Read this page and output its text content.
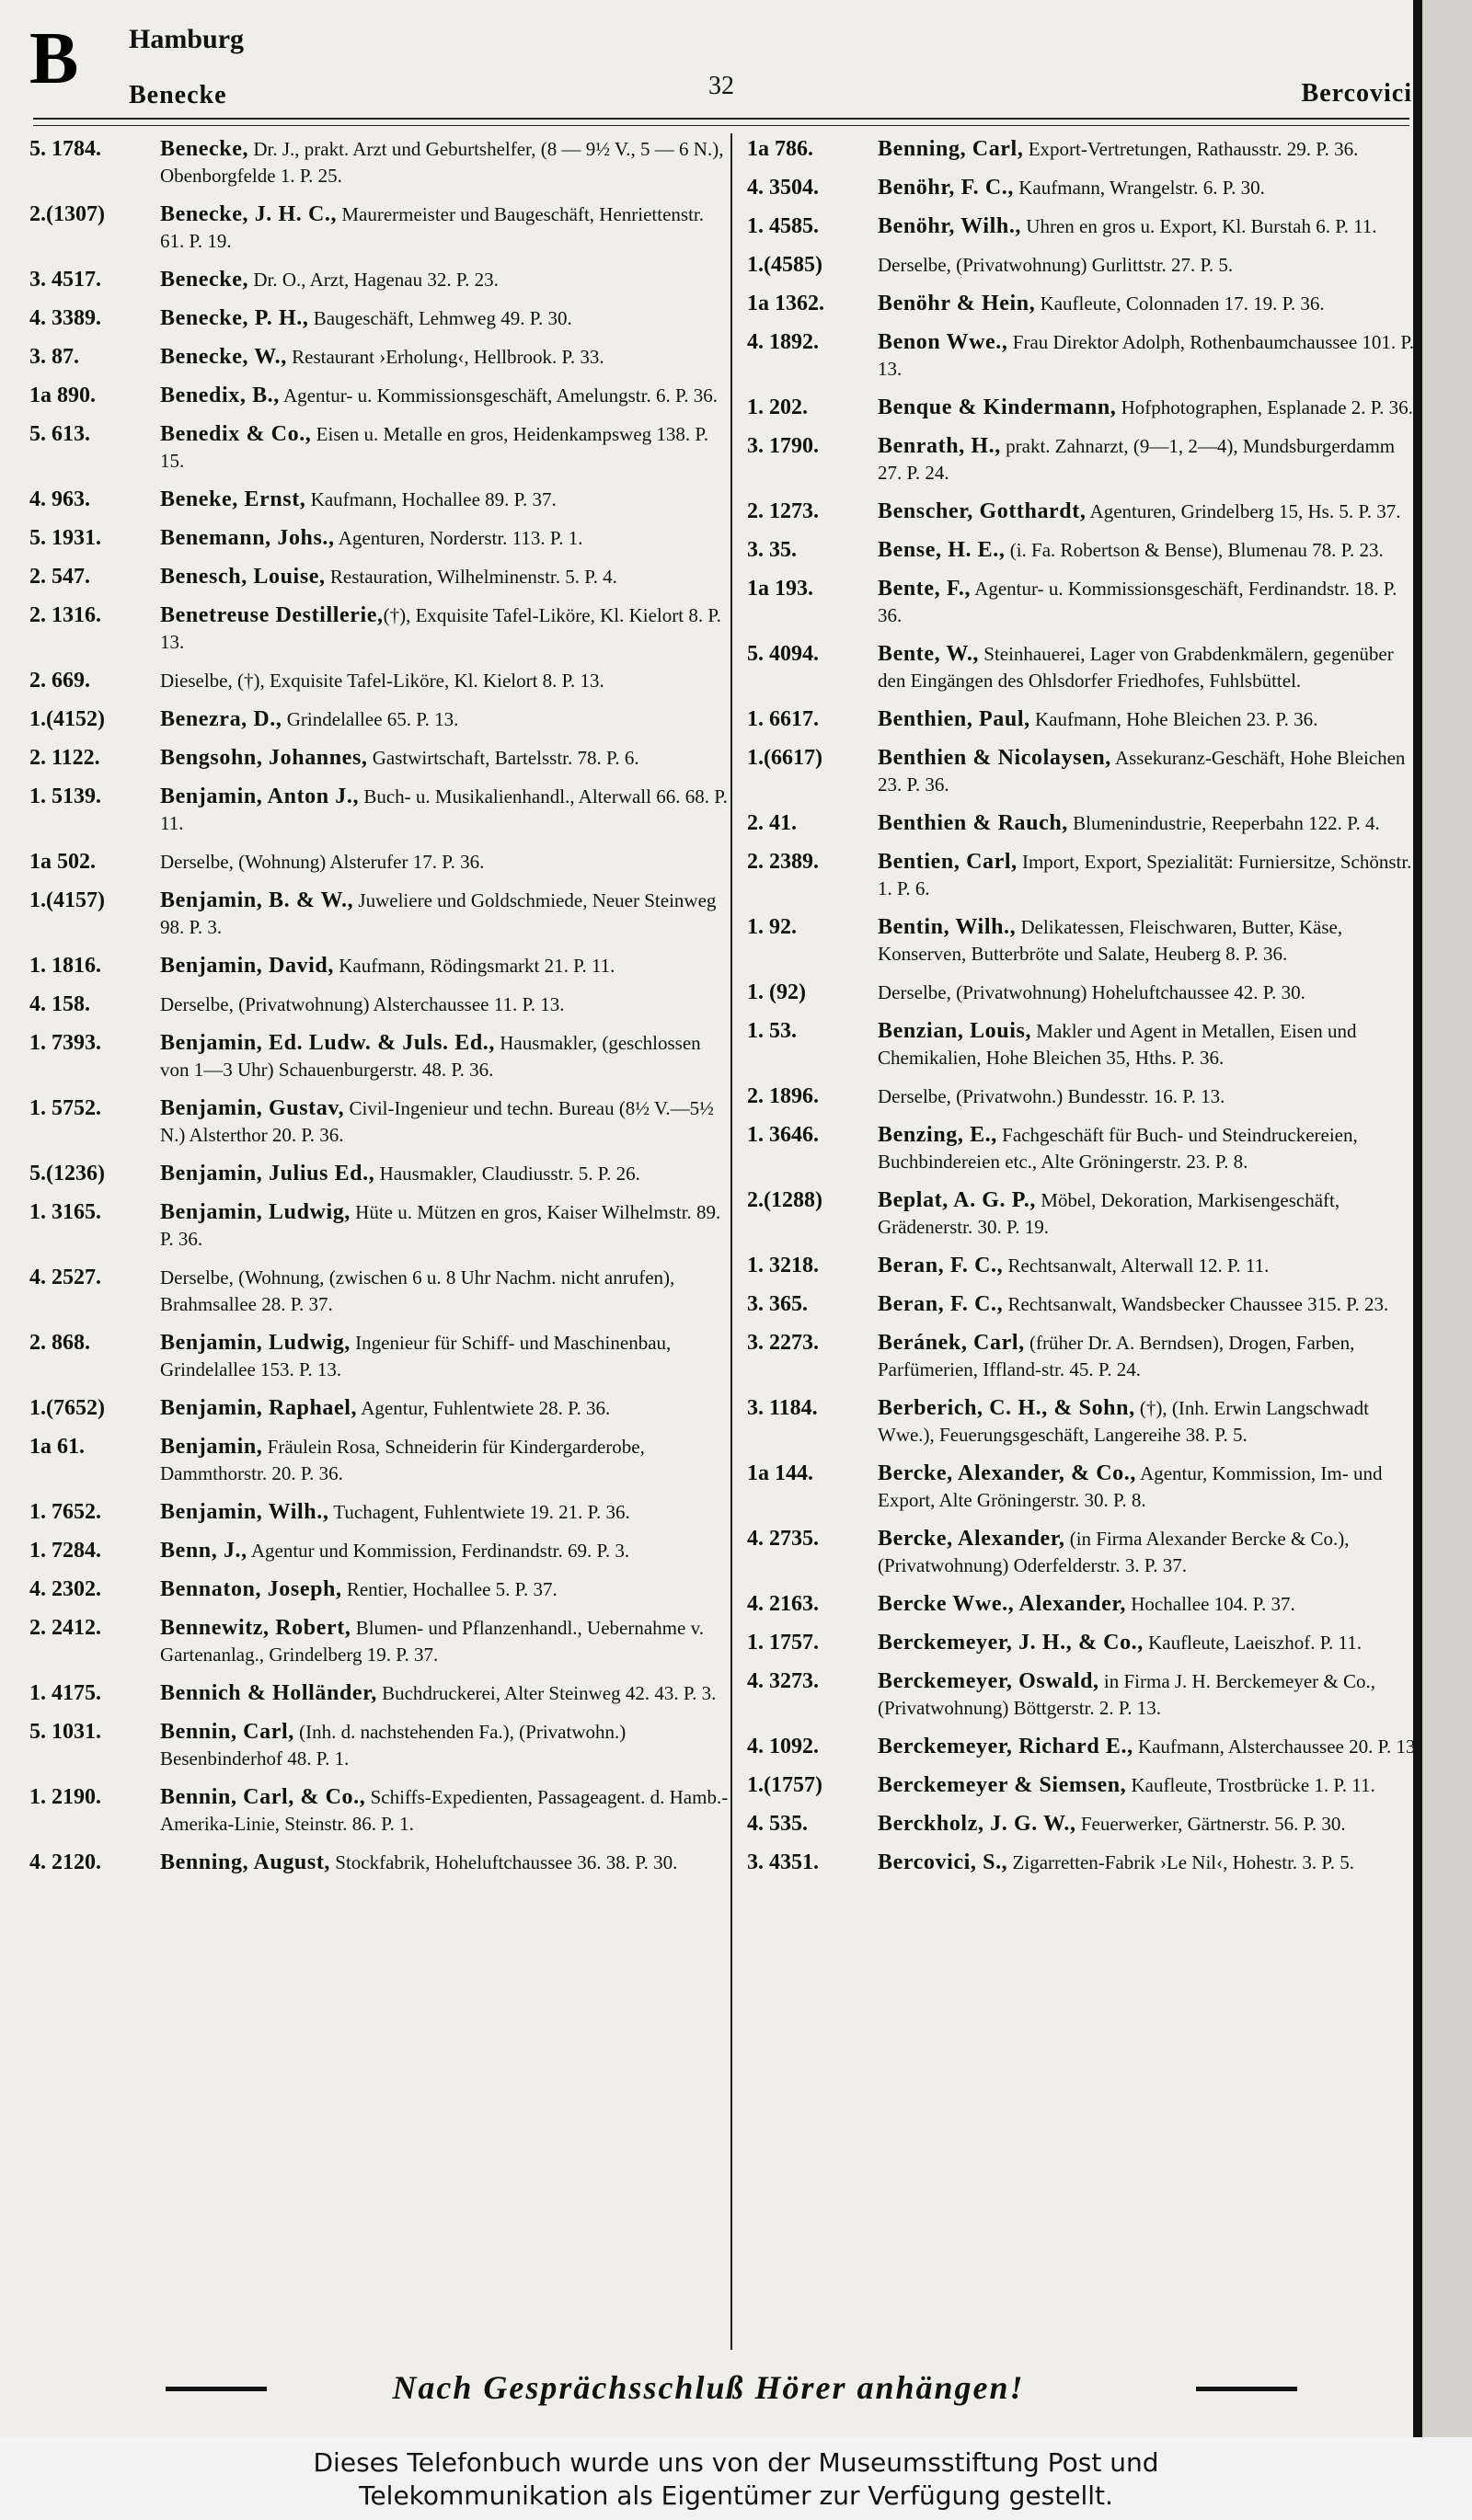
B Hamburg
Benecke	32	Bercovici
5. 1784.	Benecke, Dr. J., prakt. Arzt und Geburtshelfer, (8 — 9½ V., 5 — 6 N.), Obenborgfelde 1. P. 25.
2.(1307)	Benecke, J. H. C., Maurermeister und Baugeschäft, Henriettenstr. 61. P. 19.
3. 4517.	Benecke, Dr. O., Arzt, Hagenau 32. P. 23.
4. 3389.	Benecke, P. H., Baugeschäft, Lehmweg 49. P. 30.
3. 87.	Benecke, W., Restaurant ›Erholung‹, Hellbrook. P. 33.
1a 890.	Benedix, B., Agentur- u. Kommissionsgeschäft, Amelungstr. 6. P. 36.
5. 613.	Benedix & Co., Eisen u. Metalle en gros, Heidenkampsweg 138. P. 15.
4. 963.	Beneke, Ernst, Kaufmann, Hochallee 89. P. 37.
5. 1931.	Benemann, Johs., Agenturen, Norderstr. 113. P. 1.
2. 547.	Benesch, Louise, Restauration, Wilhelminenstr. 5. P. 4.
2. 1316.	Benetreuse Destillerie,(†), Exquisite Tafel-Liköre, Kl. Kielort 8. P. 13.
2. 669.	Dieselbe, (†), Exquisite Tafel-Liköre, Kl. Kielort 8. P. 13.
1.(4152)	Benezra, D., Grindelallee 65. P. 13.
2. 1122.	Bengsohn, Johannes, Gastwirtschaft, Bartelsstr. 78. P. 6.
1. 5139.	Benjamin, Anton J., Buch- u. Musikalienhandl., Alterwall 66. 68. P. 11.
1a 502.	Derselbe, (Wohnung) Alsterufer 17. P. 36.
1.(4157)	Benjamin, B. & W., Juweliere und Goldschmiede, Neuer Steinweg 98. P. 3.
1. 1816.	Benjamin, David, Kaufmann, Rödingsmarkt 21. P. 11.
4. 158.	Derselbe, (Privatwohnung) Alsterchaussee 11. P. 13.
1. 7393.	Benjamin, Ed. Ludw. & Juls. Ed., Hausmakler, (geschlossen von 1—3 Uhr) Schauenburgerstr. 48. P. 36.
1. 5752.	Benjamin, Gustav, Civil-Ingenieur und techn. Bureau (8½ V.—5½ N.) Alsterthor 20. P. 36.
5.(1236)	Benjamin, Julius Ed., Hausmakler, Claudiusstr. 5. P. 26.
1. 3165.	Benjamin, Ludwig, Hüte u. Mützen en gros, Kaiser Wilhelmstr. 89. P. 36.
4. 2527.	Derselbe, (Wohnung, (zwischen 6 u. 8 Uhr Nachm. nicht anrufen), Brahmsallee 28. P. 37.
2. 868.	Benjamin, Ludwig, Ingenieur für Schiff- und Maschinenbau, Grindelallee 153. P. 13.
1.(7652)	Benjamin, Raphael, Agentur, Fuhlentwiete 28. P. 36.
1a 61.	Benjamin, Fräulein Rosa, Schneiderin für Kindergarderobe, Dammthorstr. 20. P. 36.
1. 7652.	Benjamin, Wilh., Tuchagent, Fuhlentwiete 19. 21. P. 36.
1. 7284.	Benn, J., Agentur und Kommission, Ferdinandstr. 69. P. 3.
4. 2302.	Bennaton, Joseph, Rentier, Hochallee 5. P. 37.
2. 2412.	Bennewitz, Robert, Blumen- und Pflanzenhandl., Uebernahme v. Gartenanlag., Grindelberg 19. P. 37.
1. 4175.	Bennich & Holländer, Buchdruckerei, Alter Steinweg 42. 43. P. 3.
5. 1031.	Bennin, Carl, (Inh. d. nachstehenden Fa.), (Privatwohn.) Besenbinderhof 48. P. 1.
1. 2190.	Bennin, Carl, & Co., Schiffs-Expedienten, Passageagent. d. Hamb.-Amerika-Linie, Steinstr. 86. P. 1.
4. 2120.	Benning, August, Stockfabrik, Hoheluftchaussee 36. 38. P. 30.
1a 786.	Benning, Carl, Export-Vertretungen, Rathausstr. 29. P. 36.
4. 3504.	Benöhr, F. C., Kaufmann, Wrangelstr. 6. P. 30.
1. 4585.	Benöhr, Wilh., Uhren en gros u. Export, Kl. Burstah 6. P. 11.
1.(4585)	Derselbe, (Privatwohnung) Gurlittstr. 27. P. 5.
1a 1362.	Benöhr & Hein, Kaufleute, Colonnaden 17. 19. P. 36.
4. 1892.	Benon Wwe., Frau Direktor Adolph, Rothenbaumchaussee 101. P. 13.
1. 202.	Benque & Kindermann, Hofphotographen, Esplanade 2. P. 36.
3. 1790.	Benrath, H., prakt. Zahnarzt, (9—1, 2—4), Mundsburgerdamm 27. P. 24.
2. 1273.	Benscher, Gotthardt, Agenturen, Grindelberg 15, Hs. 5. P. 37.
3. 35.	Bense, H. E., (i. Fa. Robertson & Bense), Blumenau 78. P. 23.
1a 193.	Bente, F., Agentur- u. Kommissionsgeschäft, Ferdinandstr. 18. P. 36.
5. 4094.	Bente, W., Steinhauerei, Lager von Grabdenkmälern, gegenüber den Eingängen des Ohlsdorfer Friedhofes, Fuhlsbüttel.
1. 6617.	Benthien, Paul, Kaufmann, Hohe Bleichen 23. P. 36.
1.(6617)	Benthien & Nicolaysen, Assekuranz-Geschäft, Hohe Bleichen 23. P. 36.
2. 41.	Benthien & Rauch, Blumenindustrie, Reeperbahn 122. P. 4.
2. 2389.	Bentien, Carl, Import, Export, Spezialität: Furniersitze, Schönstr. 1. P. 6.
1. 92.	Bentin, Wilh., Delikatessen, Fleischwaren, Butter, Käse, Konserven, Butterbröte und Salate, Heuberg 8. P. 36.
1. (92)	Derselbe, (Privatwohnung) Hoheluftchaussee 42. P. 30.
1. 53.	Benzian, Louis, Makler und Agent in Metallen, Eisen und Chemikalien, Hohe Bleichen 35, Hths. P. 36.
2. 1896.	Derselbe, (Privatwohn.) Bundesstr. 16. P. 13.
1. 3646.	Benzing, E., Fachgeschäft für Buch- und Steindruckereien, Buchbindereien etc., Alte Gröningerstr. 23. P. 8.
2.(1288)	Beplat, A. G. P., Möbel, Dekoration, Markisengeschäft, Grädenerstr. 30. P. 19.
1. 3218.	Beran, F. C., Rechtsanwalt, Alterwall 12. P. 11.
3. 365.	Beran, F. C., Rechtsanwalt, Wandsbecker Chaussee 315. P. 23.
3. 2273.	Beránek, Carl, (früher Dr. A. Berndsen), Drogen, Farben, Parfümerien, Iffland-str. 45. P. 24.
3. 1184.	Berberich, C. H., & Sohn, (†), (Inh. Erwin Langschwadt Wwe.), Feuerungsgeschäft, Langereihe 38. P. 5.
1a 144.	Bercke, Alexander, & Co., Agentur, Kommission, Im- und Export, Alte Gröningerstr. 30. P. 8.
4. 2735.	Bercke, Alexander, (in Firma Alexander Bercke & Co.), (Privatwohnung) Oderfelderstr. 3. P. 37.
4. 2163.	Bercke Wwe., Alexander, Hochallee 104. P. 37.
1. 1757.	Berckemeyer, J. H., & Co., Kaufleute, Laeiszhof. P. 11.
4. 3273.	Berckemeyer, Oswald, in Firma J. H. Berckemeyer & Co., (Privatwohnung) Böttgerstr. 2. P. 13.
4. 1092.	Berckemeyer, Richard E., Kaufmann, Alsterchaussee 20. P. 13.
1.(1757)	Berckemeyer & Siemsen, Kaufleute, Trostbrücke 1. P. 11.
4. 535.	Berckholz, J. G. W., Feuerwerker, Gärtnerstr. 56. P. 30.
3. 4351.	Bercovici, S., Zigarretten-Fabrik ›Le Nil‹, Hohestr. 3. P. 5.
Nach Gesprächsschluß Hörer anhängen!
Dieses Telefonbuch wurde uns von der Museumsstiftung Post und
Telekommunikation als Eigentümer zur Verfügung gestellt.
